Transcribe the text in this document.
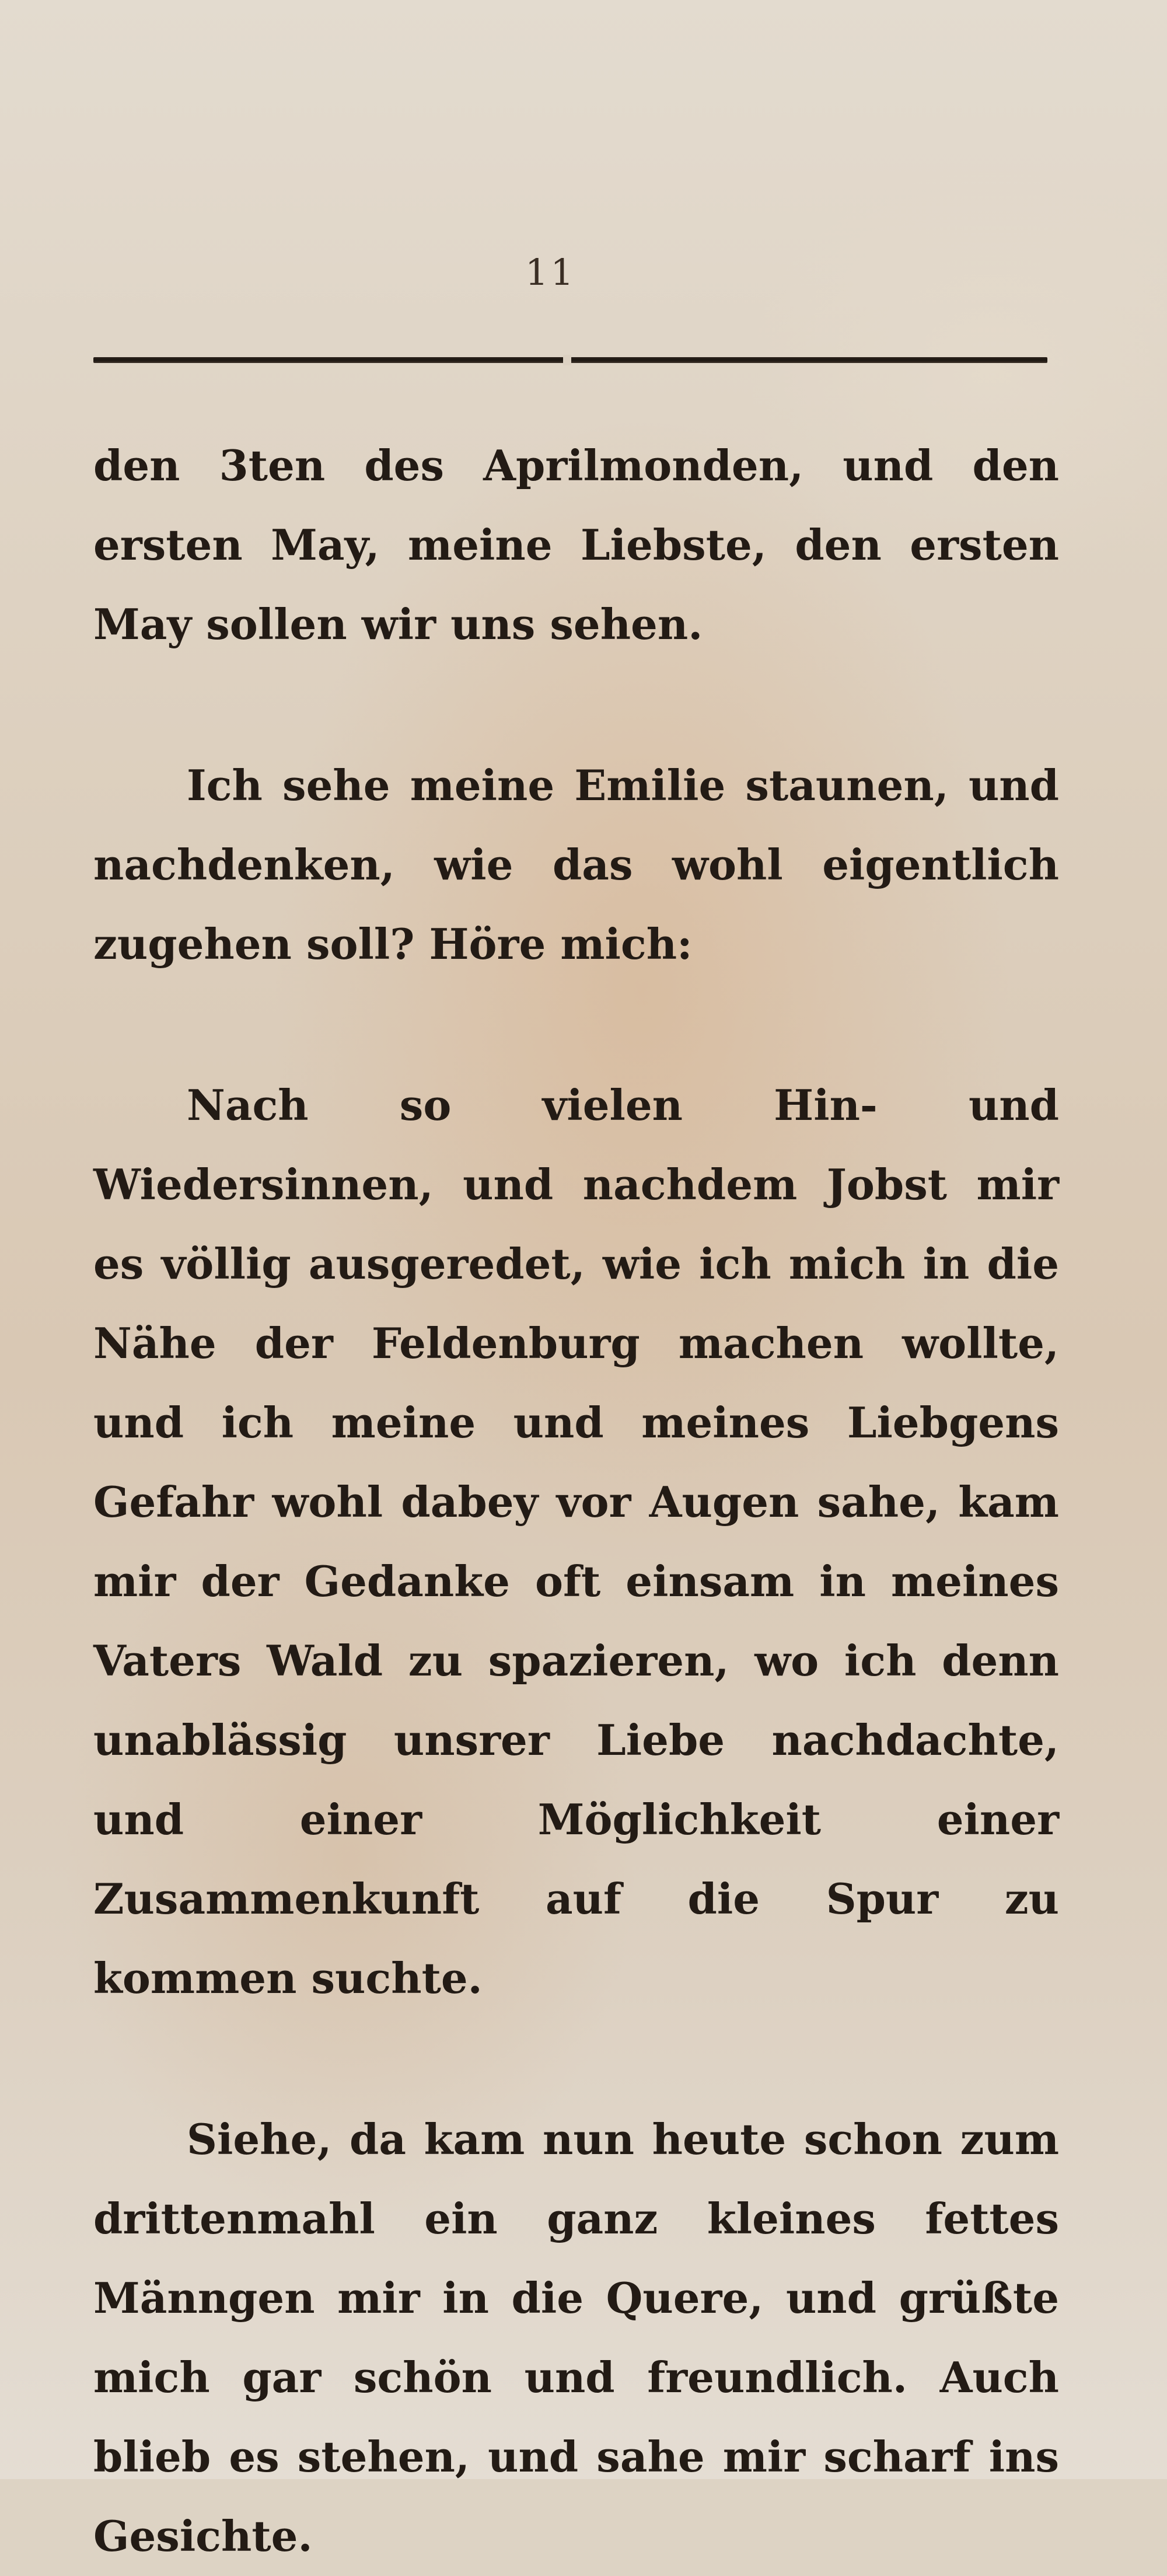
11

den 3ten des Aprilmonden, und den ersten May, meine Liebste, den ersten May sollen wir uns sehen.

Ich sehe meine Emilie staunen, und nachdenken, wie das wohl eigentlich zugehen soll? Höre mich:

Nach so vielen Hin- und Wiedersinnen, und nachdem Jobst mir es völlig ausgeredet, wie ich mich in die Nähe der Feldenburg machen wollte, und ich meine und meines Liebgens Gefahr wohl dabey vor Augen sahe, kam mir der Gedanke oft einsam in meines Vaters Wald zu spazieren, wo ich denn unablässig unsrer Liebe nachdachte, und einer Möglichkeit einer Zusammenkunft auf die Spur zu kommen suchte.

Siehe, da kam nun heute schon zum drittenmahl ein ganz kleines fettes Männgen mir in die Quere, und grüßte mich gar schön und freundlich. Auch blieb es stehen, und sahe mir scharf ins Gesichte.
